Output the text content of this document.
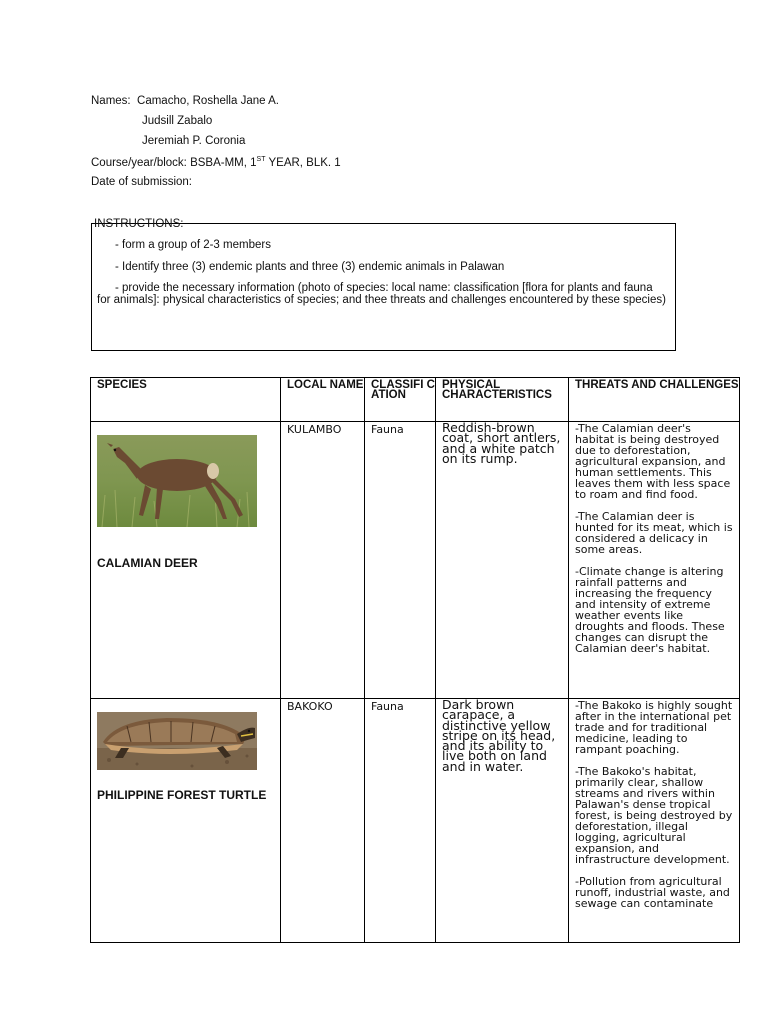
Names: Camacho, Roshella Jane A.
Judsill Zabalo
Jeremiah P. Coronia
Course/year/block: BSBA-MM, 1ST YEAR, BLK. 1
Date of submission:
INSTRUCTIONS:
- form a group of 2-3 members
- Identify three (3) endemic plants and three (3) endemic animals in Palawan
- provide the necessary information (photo of species: local name: classification [flora for plants and fauna for animals]: physical characteristics of species; and thee threats and challenges encountered by these species)
SPECIES	LOCAL NAME	CLASSIFI CATION	PHYSICAL CHARACTERISTICS	THREATS AND CHALLENGES

CALAMIAN DEER	KULAMBO	Fauna	Reddish-brown coat, short antlers, and a white patch on its rump.	-The Calamian deer's habitat is being destroyed due to deforestation, agricultural expansion, and human settlements. This leaves them with less space to roam and find food.

-The Calamian deer is hunted for its meat, which is considered a delicacy in some areas.

-Climate change is altering rainfall patterns and increasing the frequency and intensity of extreme weather events like droughts and floods. These changes can disrupt the Calamian deer's habitat.

PHILIPPINE FOREST TURTLE	BAKOKO	Fauna	Dark brown carapace, a distinctive yellow stripe on its head, and its ability to live both on land and in water.	-The Bakoko is highly sought after in the international pet trade and for traditional medicine, leading to rampant poaching.

-The Bakoko's habitat, primarily clear, shallow streams and rivers within Palawan's dense tropical forest, is being destroyed by deforestation, illegal logging, agricultural expansion, and infrastructure development.

-Pollution from agricultural runoff, industrial waste, and sewage can contaminate
